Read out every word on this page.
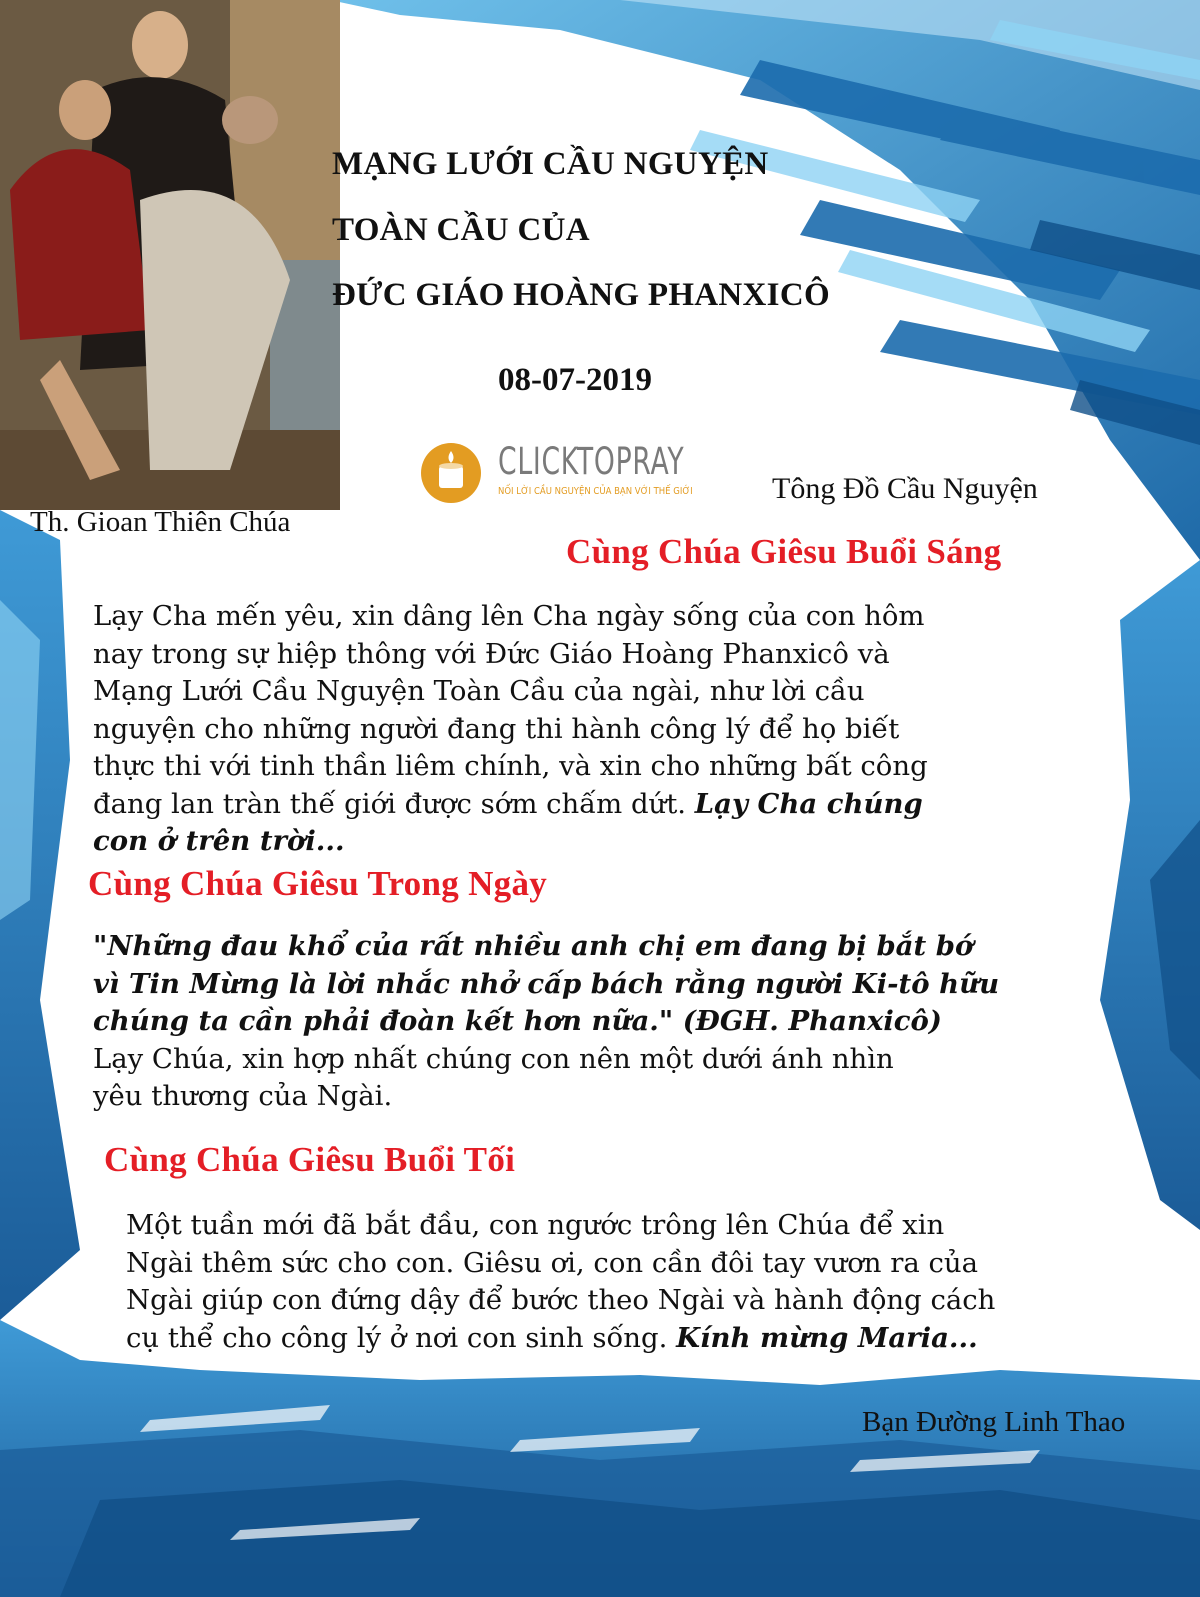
Th. Gioan Thiên Chúa
MẠNG LƯỚI CẦU NGUYỆN
TOÀN CẦU CỦA
ĐỨC GIÁO HOÀNG PHANXICÔ
08-07-2019
CLICKTOPRAY
NỐI LỜI CẦU NGUYỆN CỦA BẠN VỚI THẾ GIỚI	Tông Đồ Cầu Nguyện
Cùng Chúa Giêsu Buổi Sáng
Lạy Cha mến yêu, xin dâng lên Cha ngày sống của con hôm
nay trong sự hiệp thông với Đức Giáo Hoàng Phanxicô và
Mạng Lưới Cầu Nguyện Toàn Cầu của ngài, như lời cầu
nguyện cho những người đang thi hành công lý để họ biết
thực thi với tinh thần liêm chính, và xin cho những bất công
đang lan tràn thế giới được sớm chấm dứt. Lạy Cha chúng
con ở trên trời...
Cùng Chúa Giêsu Trong Ngày
"Những đau khổ của rất nhiều anh chị em đang bị bắt bớ
vì Tin Mừng là lời nhắc nhở cấp bách rằng người Ki-tô hữu
chúng ta cần phải đoàn kết hơn nữa." (ĐGH. Phanxicô)
Lạy Chúa, xin hợp nhất chúng con nên một dưới ánh nhìn
yêu thương của Ngài.
Cùng Chúa Giêsu Buổi Tối
Một tuần mới đã bắt đầu, con ngước trông lên Chúa để xin
Ngài thêm sức cho con. Giêsu ơi, con cần đôi tay vươn ra của
Ngài giúp con đứng dậy để bước theo Ngài và hành động cách
cụ thể cho công lý ở nơi con sinh sống. Kính mừng Maria...
Bạn Đường Linh Thao
